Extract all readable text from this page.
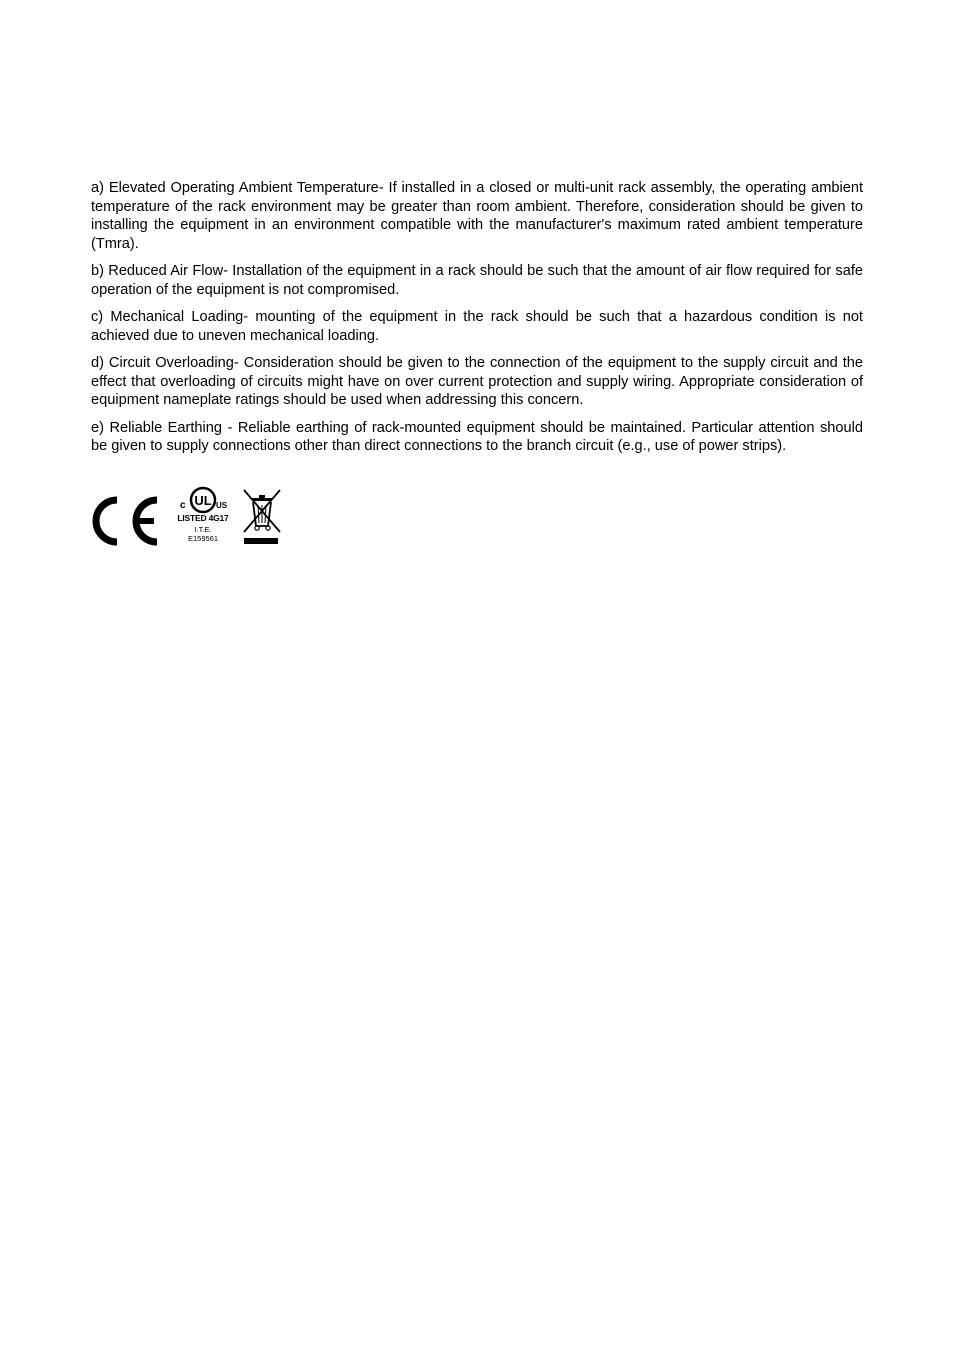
a) Elevated Operating Ambient Temperature- If installed in a closed or multi-unit rack assembly, the operating ambient temperature of the rack environment may be greater than room ambient. Therefore, consideration should be given to installing the equipment in an environment compatible with the manufacturer's maximum rated ambient temperature (Tmra).

b) Reduced Air Flow- Installation of the equipment in a rack should be such that the amount of air flow required for safe operation of the equipment is not compromised.

c) Mechanical Loading- mounting of the equipment in the rack should be such that a hazardous condition is not achieved due to uneven mechanical loading.

d) Circuit Overloading- Consideration should be given to the connection of the equipment to the supply circuit and the effect that overloading of circuits might have on over current protection and supply wiring. Appropriate consideration of equipment nameplate ratings should be used when addressing this concern.

e) Reliable Earthing - Reliable earthing of rack-mounted equipment should be maintained. Particular attention should be given to supply connections other than direct connections to the branch circuit (e.g., use of power strips).

c UL US
LISTED 4G17
I.T.E.
E159561
